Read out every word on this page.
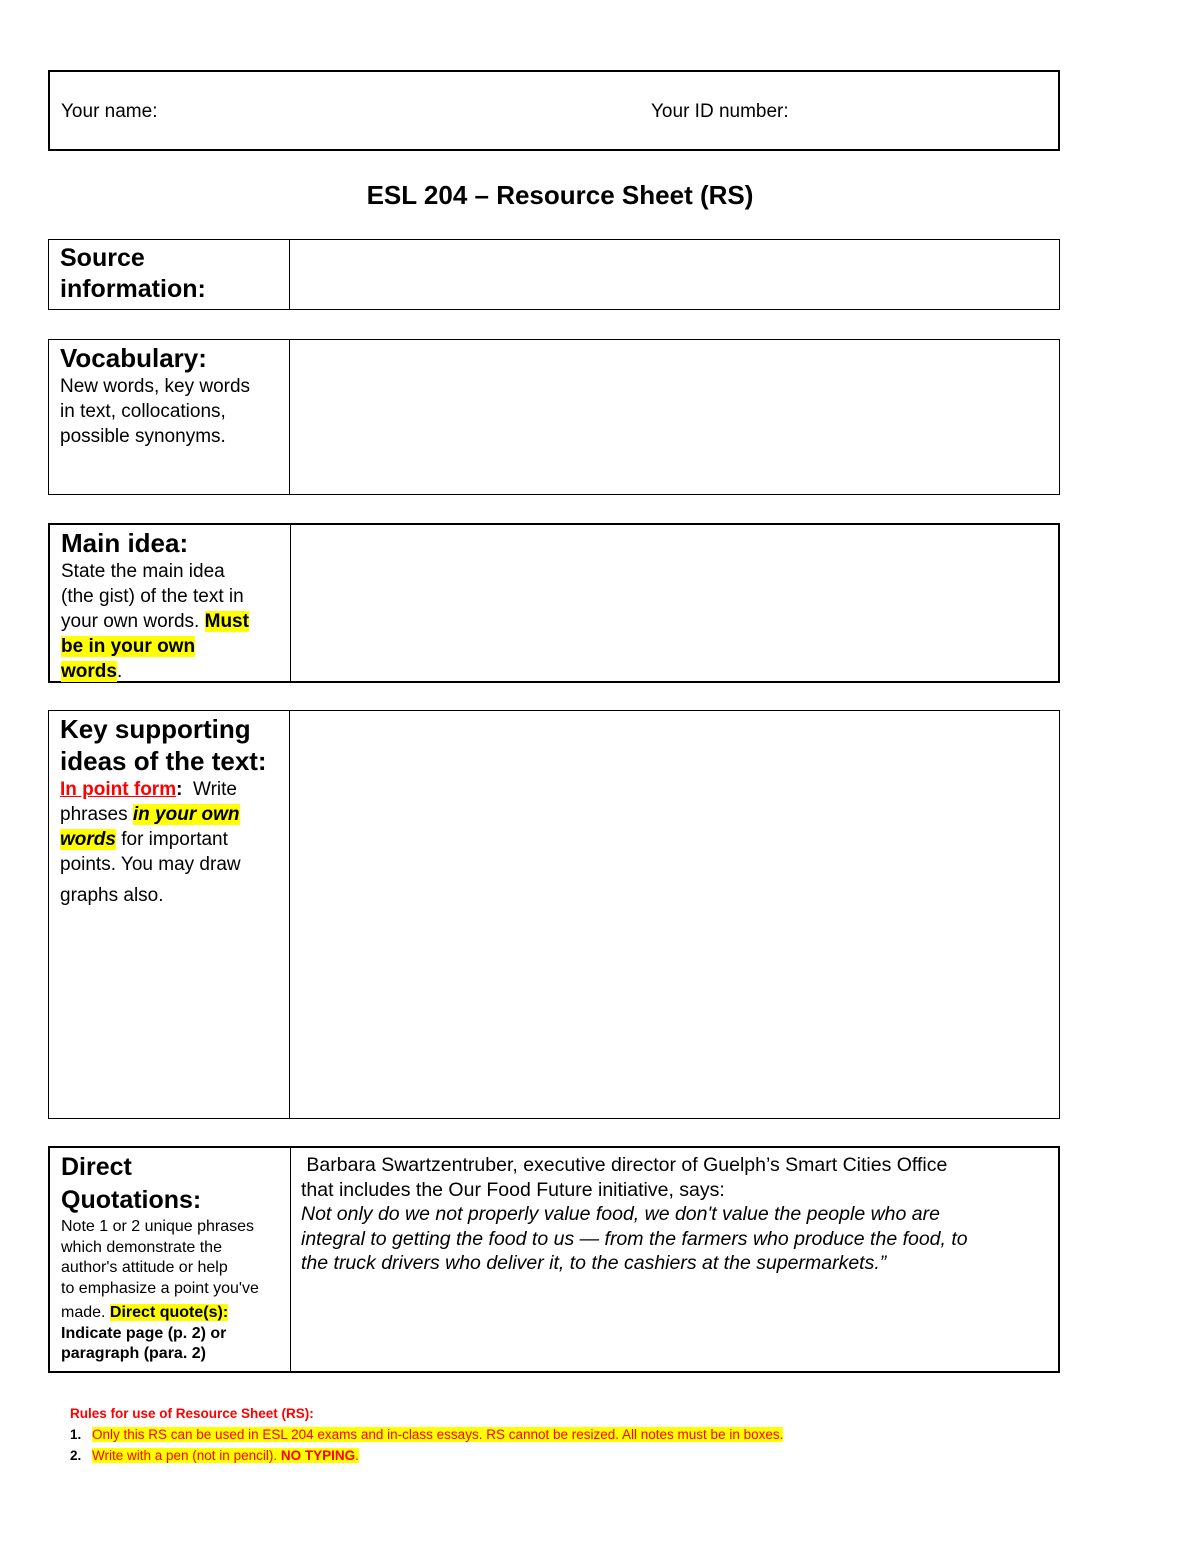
Your name:	Your ID number:
ESL 204 – Resource Sheet (RS)
Source
information:
Vocabulary:
New words, key words
in text, collocations,
possible synonyms.
Main idea:
State the main idea
(the gist) of the text in
your own words. Must
be in your own
words.
Key supporting
ideas of the text:
In point form: Write
phrases in your own
words for important
points. You may draw
graphs also.
Direct
Quotations:
Note 1 or 2 unique phrases
which demonstrate the
author's attitude or help
to emphasize a point you've
made. Direct quote(s):
Indicate page (p. 2) or
paragraph (para. 2)
Barbara Swartzentruber, executive director of Guelph’s Smart Cities Office
that includes the Our Food Future initiative, says:
Not only do we not properly value food, we don't value the people who are
integral to getting the food to us — from the farmers who produce the food, to
the truck drivers who deliver it, to the cashiers at the supermarkets.”
Rules for use of Resource Sheet (RS):
1. Only this RS can be used in ESL 204 exams and in-class essays. RS cannot be resized. All notes must be in boxes.
2. Write with a pen (not in pencil). NO TYPING.
